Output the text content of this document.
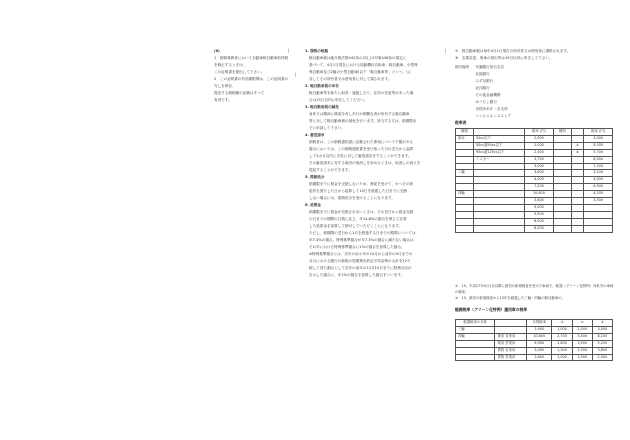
|
|
|

(6)

1　納税義務者において自動車税自動車取得税を修正するときは、

この証明書を提出して下さい。

2　この証明書の有効期限間は、この証明書の写しを保存、

提出する納税額の記載はすべて

有効です。

1. 課税の根拠

軽自動車税は地方税法第442条の2以上3号第446条の規定に

基づいて、4月1日現在における原動機付自転車、軽自動車、小型特

殊自動車及び2輪の小型自動車(以下「軽自動車等」という。)に

対してその所有者又は使用者に対して課されます。

2. 軽自動車税の申告

軽自動車等を新たに取得・譲渡したり、住所の変更等があった場

合は15日以内に申告してください。

3. 軽自動車税の減免

身体又は精神に障害を有し歩行が困難な者が所有する軽自動車

等に対して軽自動車税の減免を行います。該当する方は、納期限ま

でに申請して下さい。

4. 審査請求

納税者は、この納税通知書に記載された事項について不服がある

場合においては、この納税通知書を受け取った日の翌日から起算

して3カ月以内に市長に対して審査請求をすることができます。

その審査請求に対する裁決の取消しを求めるときは、取消しの訴えを

提起することができます。

5. 滞納処分

納期限までに税金を完納しないため、督促を受けて、かつその督

促状を発行した日から起算して10日を経過した日までに完納

しない場合には、滞納処分を受けることになります。

6. 延滞金

納期限までに税金が完納されないときは、その翌日から税金完納

の日までの期間の日数に応じ、年14.6%の割合を乗じて計算

した延滞金を加算して納付していただくことになります。

ただし、納期限の翌日から1月を経過する日までの期間については、

年7.3%の割合。特例基準割合が年7.3%の割合に満たない場合は、

その年における特例基準割合に1%の割合を加算した割合。

※特例基準割合とは、各年の前々年の10月から前年の9月までの

各月における銀行の新規の短期貸出約定平均金利の合計を12で

除して得た割合として各年の前年の12月15日までに財務大臣が

告示した割合に、年1%の割合を加算した割合をいいます。

⑦　軽自動車税は毎年4月1日現在の所有者又は使用者に課税されます。

⑧　名義変更、廃車の届出等は15日以内に申告して下さい。

納付場所 安藤銀行仙台支店

北陸銀行

みずほ銀行

北洋銀行

その他金融機関

ゆうちょ銀行

市役所本庁・各支所

コンビニエンスストア

税率表
種別		税率 (円)	種別		税率 (円)
原付	50cc以下	2,000			3,000
	50cc超90cc以下	2,000		①	5,000
	90cc超125cc以下	2,400		②	5,700
	ミニカー	3,700			6,000
		3,000			7,200
二輪		3,600			3,100
		4,000			4,000
		7,200			6,900
四輪		10,800			4,200
		3,800			3,500
		5,000			
		5,500			
		6,900			
		8,200			

①　15、平成27年4月1日以降に最初の新規検査を受けた車両で、軽課（グリーン化特例）対象外の車両の税率。

②　13、最初の新規検査から13年を経過した三輪・四輪の軽自動車の。

軽課税率（グリーン化特例）適用車の税率
軽課税率の対象		本則税率	①	②	③
三輪		3,900	1,000	2,000	3,000
四輪	乗用 自家用	10,800	2,700	5,400	8,100
	乗用 営業用	6,900	1,800	3,500	5,200
	貨物 自家用	5,000	1,300	2,500	3,800
	貨物 営業用	3,800	1,000	1,900	2,900
